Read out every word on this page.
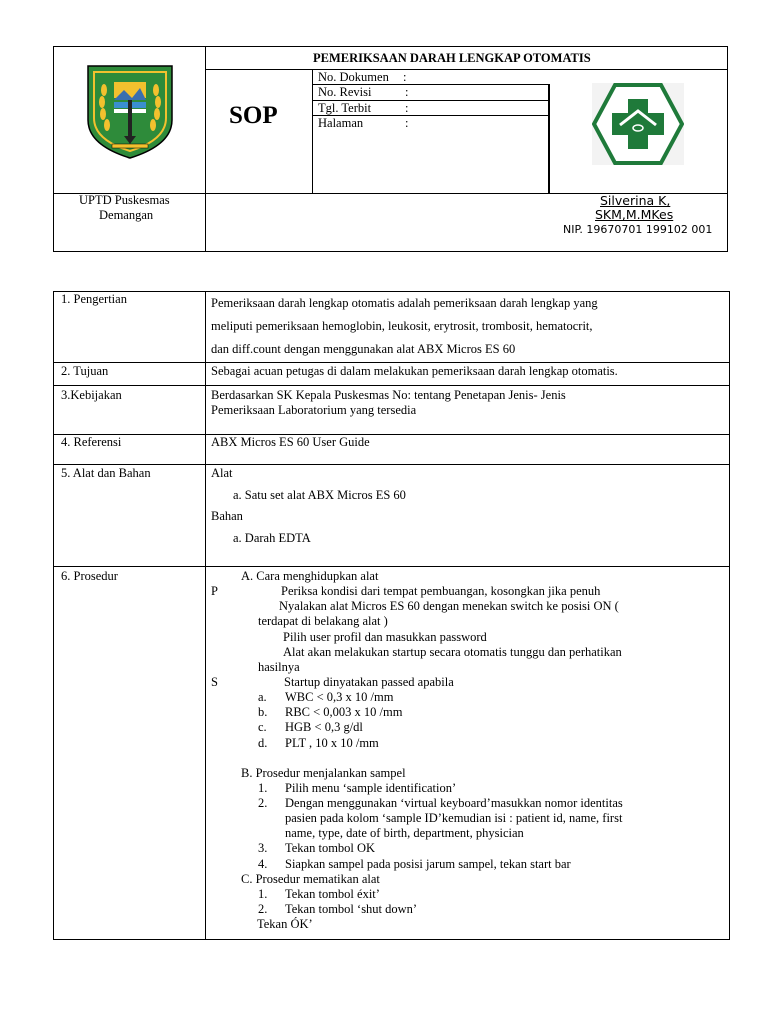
PEMERIKSAAN DARAH LENGKAP OTOMATIS
SOP
No. Dokumen :
No. Revisi	:
Tgl. Terbit	:
Halaman	:
UPTD Puskesmas
Demangan
Silverina K,
SKM,M.MKes
NIP. 19670701 199102 001
1. Pengertian	Pemeriksaan darah lengkap otomatis adalah pemeriksaan darah lengkap yang
meliputi pemeriksaan hemoglobin, leukosit, erytrosit, trombosit, hematocrit,
dan diff.count dengan menggunakan alat ABX Micros ES 60
2. Tujuan	Sebagai acuan petugas di dalam melakukan pemeriksaan darah lengkap otomatis.
3.Kebijakan	Berdasarkan SK Kepala Puskesmas No: tentang Penetapan Jenis- Jenis
Pemeriksaan Laboratorium yang tersedia
4. Referensi	ABX Micros ES 60 User Guide
5. Alat dan Bahan	Alat
a. Satu set alat ABX Micros ES 60
Bahan
a. Darah EDTA
6. Prosedur	A. Cara menghidupkan alat
P	Periksa kondisi dari tempat pembuangan, kosongkan jika penuh
Nyalakan alat Micros ES 60 dengan menekan switch ke posisi ON (
terdapat di belakang alat )
Pilih user profil dan masukkan password
Alat akan melakukan startup secara otomatis tunggu dan perhatikan
hasilnya
S	Startup dinyatakan passed apabila
a. WBC < 0,3 x 10 /mm
b. RBC < 0,003 x 10 /mm
c. HGB < 0,3 g/dl
d. PLT , 10 x 10 /mm
B. Prosedur menjalankan sampel
1. Pilih menu ‘sample identification’
2. Dengan menggunakan ‘virtual keyboard’masukkan nomor identitas
pasien pada kolom ‘sample ID’kemudian isi : patient id, name, first
name, type, date of birth, department, physician
3. Tekan tombol OK
4. Siapkan sampel pada posisi jarum sampel, tekan start bar
C. Prosedur mematikan alat
1. Tekan tombol éxit’
2. Tekan tombol ‘shut down’
Tekan ÓK’
